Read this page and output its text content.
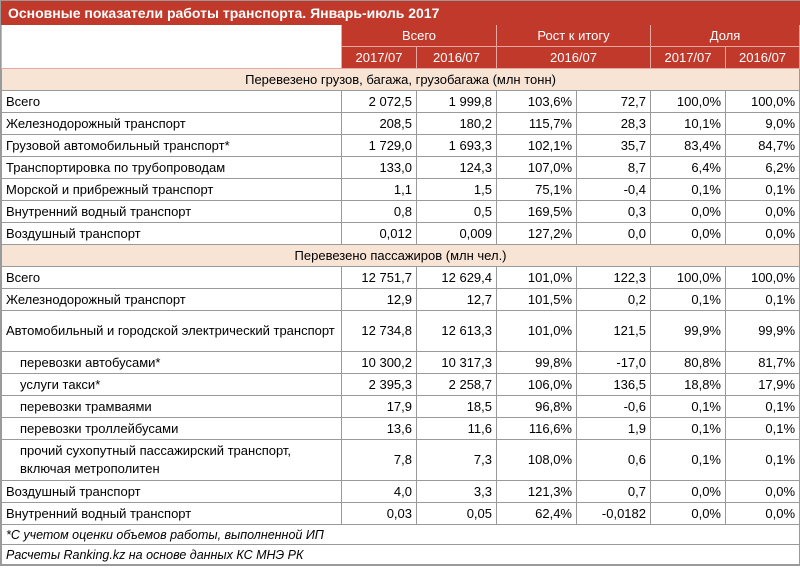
Основные показатели работы транспорта. Январь-июль 2017						
	Всего		Рост к итогу		Доля	
	2017/07	2016/07	2016/07		2017/07	2016/07
Перевезено грузов, багажа, грузобагажа (млн тонн)						
Всего	2 072,5	1 999,8	103,6%	72,7	100,0%	100,0%
Железнодорожный транспорт	208,5	180,2	115,7%	28,3	10,1%	9,0%
Грузовой автомобильный транспорт*	1 729,0	1 693,3	102,1%	35,7	83,4%	84,7%
Транспортировка по трубопроводам	133,0	124,3	107,0%	8,7	6,4%	6,2%
Морской и прибрежный транспорт	1,1	1,5	75,1%	-0,4	0,1%	0,1%
Внутренний водный транспорт	0,8	0,5	169,5%	0,3	0,0%	0,0%
Воздушный транспорт	0,012	0,009	127,2%	0,0	0,0%	0,0%
Перевезено пассажиров (млн чел.)						
Всего	12 751,7	12 629,4	101,0%	122,3	100,0%	100,0%
Железнодорожный транспорт	12,9	12,7	101,5%	0,2	0,1%	0,1%
Автомобильный и городской электрический транспорт	12 734,8	12 613,3	101,0%	121,5	99,9%	99,9%
перевозки автобусами*	10 300,2	10 317,3	99,8%	-17,0	80,8%	81,7%
услуги такси*	2 395,3	2 258,7	106,0%	136,5	18,8%	17,9%
перевозки трамваями	17,9	18,5	96,8%	-0,6	0,1%	0,1%
перевозки троллейбусами	13,6	11,6	116,6%	1,9	0,1%	0,1%
прочий сухопутный пассажирский транспорт, включая метрополитен	7,8	7,3	108,0%	0,6	0,1%	0,1%
Воздушный транспорт	4,0	3,3	121,3%	0,7	0,0%	0,0%
Внутренний водный транспорт	0,03	0,05	62,4%	-0,0182	0,0%	0,0%
*С учетом оценки объемов работы, выполненной ИП						
Расчеты Ranking.kz на основе данных КС МНЭ РК						
